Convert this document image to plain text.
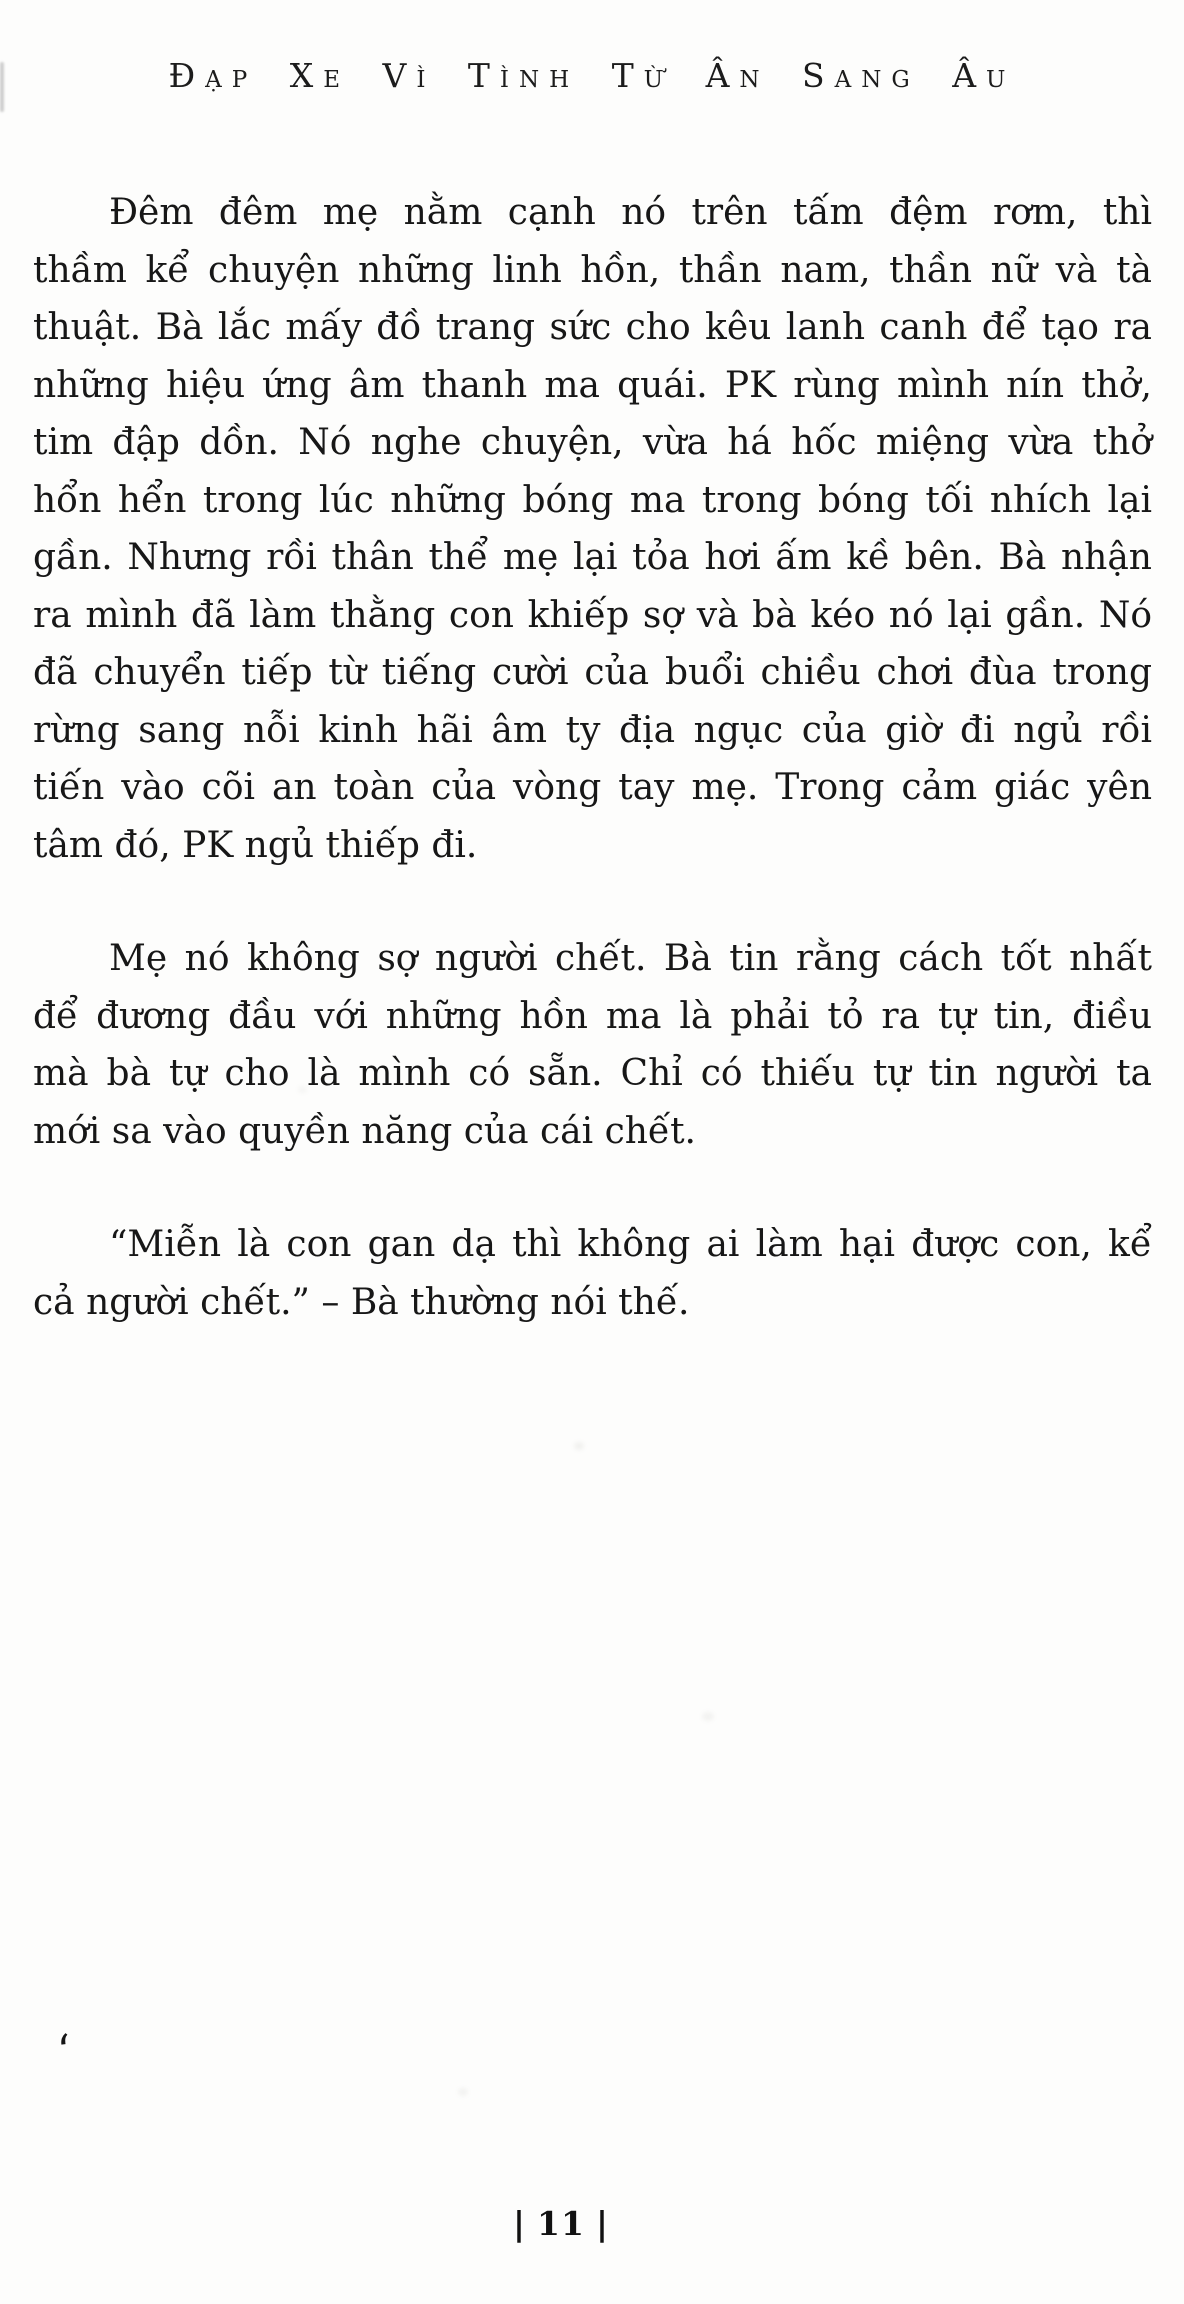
Đạp Xe Vì Tình Từ Ân Sang Âu
Đêm đêm mẹ nằm cạnh nó trên tấm đệm rơm, thì
thầm kể chuyện những linh hồn, thần nam, thần nữ và tà
thuật. Bà lắc mấy đồ trang sức cho kêu lanh canh để tạo ra
những hiệu ứng âm thanh ma quái. PK rùng mình nín thở,
tim đập dồn. Nó nghe chuyện, vừa há hốc miệng vừa thở
hổn hển trong lúc những bóng ma trong bóng tối nhích lại
gần. Nhưng rồi thân thể mẹ lại tỏa hơi ấm kề bên. Bà nhận
ra mình đã làm thằng con khiếp sợ và bà kéo nó lại gần. Nó
đã chuyển tiếp từ tiếng cười của buổi chiều chơi đùa trong
rừng sang nỗi kinh hãi âm ty địa ngục của giờ đi ngủ rồi
tiến vào cõi an toàn của vòng tay mẹ. Trong cảm giác yên
tâm đó, PK ngủ thiếp đi.
Mẹ nó không sợ người chết. Bà tin rằng cách tốt nhất
để đương đầu với những hồn ma là phải tỏ ra tự tin, điều
mà bà tự cho là mình có sẵn. Chỉ có thiếu tự tin người ta
mới sa vào quyền năng của cái chết.
“Miễn là con gan dạ thì không ai làm hại được con, kể
cả người chết.” – Bà thường nói thế.
| 11 |
‘
